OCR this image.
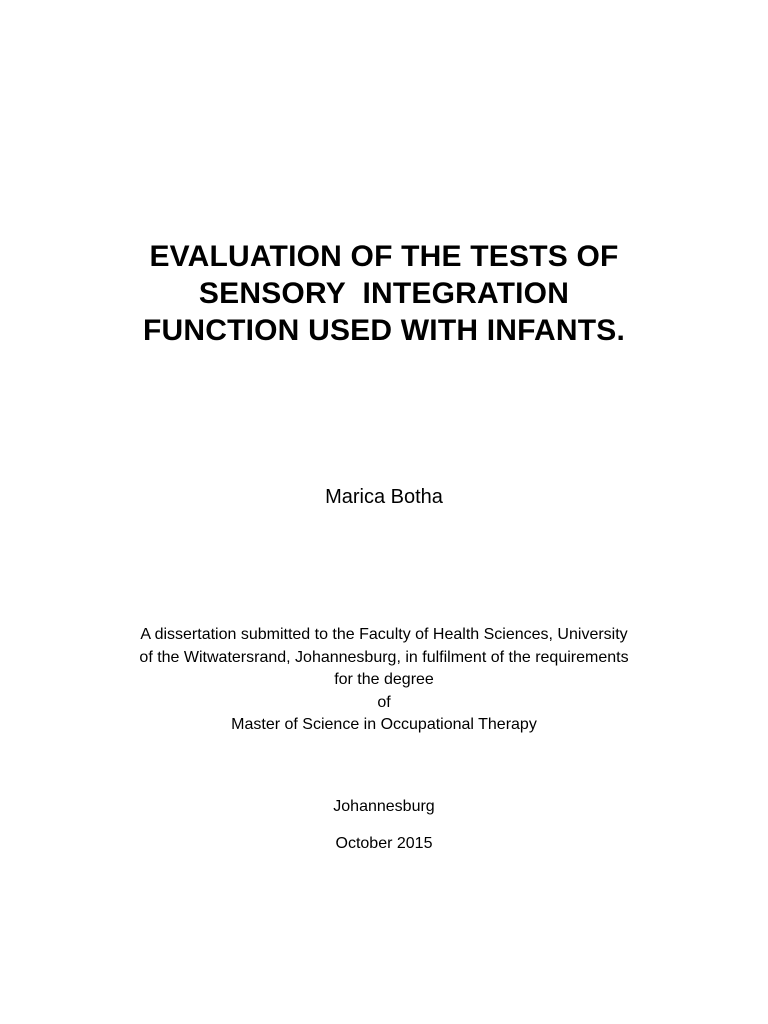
EVALUATION OF THE TESTS OF
SENSORY  INTEGRATION
FUNCTION USED WITH INFANTS.
Marica Botha
A dissertation submitted to the Faculty of Health Sciences, University
of the Witwatersrand, Johannesburg, in fulfilment of the requirements
for the degree
of
Master of Science in Occupational Therapy
Johannesburg
October 2015
